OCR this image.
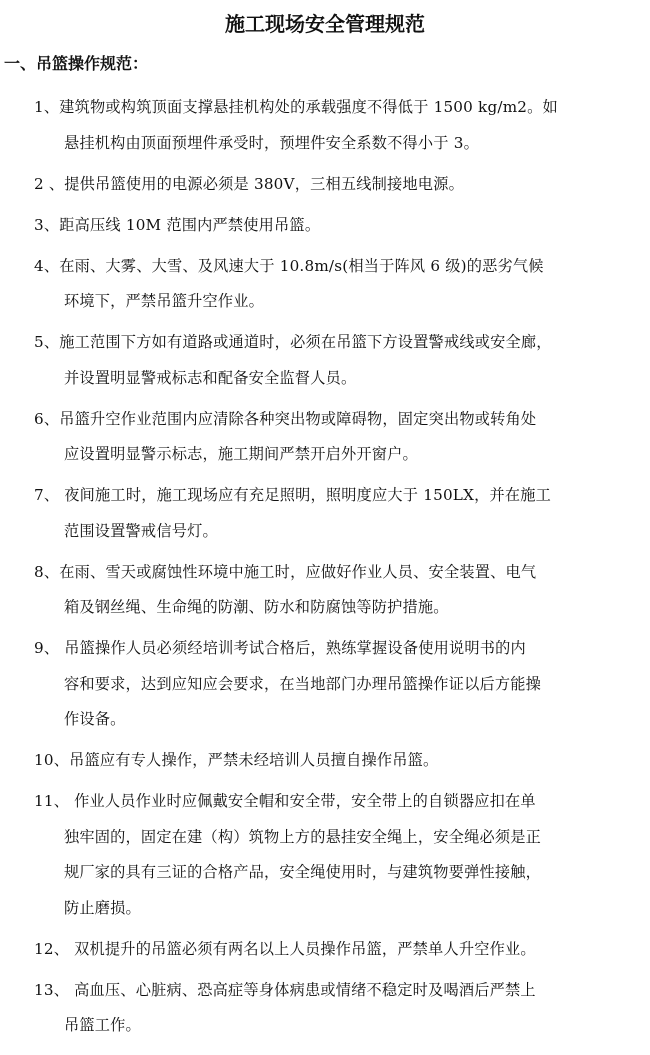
施工现场安全管理规范
一、吊篮操作规范：
1、建筑物或构筑顶面支撑悬挂机构处的承载强度不得低于 1500 kg/m2。如
悬挂机构由顶面预埋件承受时，预埋件安全系数不得小于 3。
2 、提供吊篮使用的电源必须是 380V，三相五线制接地电源。
3、距高压线 10M 范围内严禁使用吊篮。
4、在雨、大雾、大雪、及风速大于 10.8m/s(相当于阵风 6 级)的恶劣气候
环境下，严禁吊篮升空作业。
5、施工范围下方如有道路或通道时，必须在吊篮下方设置警戒线或安全廊，
并设置明显警戒标志和配备安全监督人员。
6、吊篮升空作业范围内应清除各种突出物或障碍物，固定突出物或转角处
应设置明显警示标志，施工期间严禁开启外开窗户。
7、 夜间施工时，施工现场应有充足照明，照明度应大于 150LX，并在施工
范围设置警戒信号灯。
8、在雨、雪天或腐蚀性环境中施工时，应做好作业人员、安全装置、电气
箱及钢丝绳、生命绳的防潮、防水和防腐蚀等防护措施。
9、 吊篮操作人员必须经培训考试合格后，熟练掌握设备使用说明书的内
容和要求，达到应知应会要求，在当地部门办理吊篮操作证以后方能操
作设备。
10、吊篮应有专人操作，严禁未经培训人员擅自操作吊篮。
11、 作业人员作业时应佩戴安全帽和安全带，安全带上的自锁器应扣在单
独牢固的，固定在建（构）筑物上方的悬挂安全绳上，安全绳必须是正
规厂家的具有三证的合格产品，安全绳使用时，与建筑物要弹性接触，
防止磨损。
12、 双机提升的吊篮必须有两名以上人员操作吊篮，严禁单人升空作业。
13、 高血压、心脏病、恐高症等身体病患或情绪不稳定时及喝酒后严禁上
吊篮工作。
